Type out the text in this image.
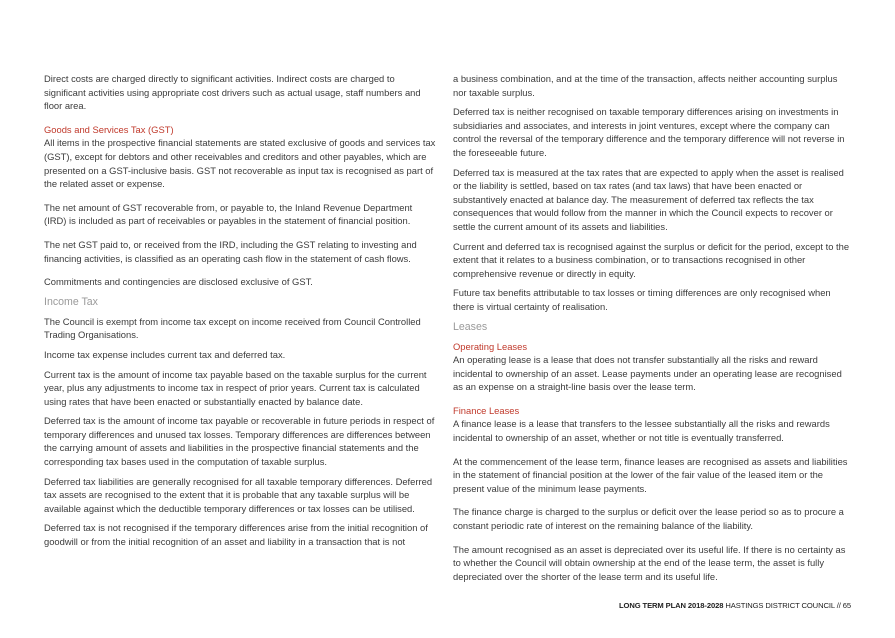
Direct costs are charged directly to significant activities. Indirect costs are charged to significant activities using appropriate cost drivers such as actual usage, staff numbers and floor area.

Goods and Services Tax (GST)

All items in the prospective financial statements are stated exclusive of goods and services tax (GST), except for debtors and other receivables and creditors and other payables, which are presented on a GST-inclusive basis. GST not recoverable as input tax is recognised as part of the related asset or expense.

The net amount of GST recoverable from, or payable to, the Inland Revenue Department (IRD) is included as part of receivables or payables in the statement of financial position.

The net GST paid to, or received from the IRD, including the GST relating to investing and financing activities, is classified as an operating cash flow in the statement of cash flows.

Commitments and contingencies are disclosed exclusive of GST.

Income Tax

The Council is exempt from income tax except on income received from Council Controlled Trading Organisations.

Income tax expense includes current tax and deferred tax.

Current tax is the amount of income tax payable based on the taxable surplus for the current year, plus any adjustments to income tax in respect of prior years. Current tax is calculated using rates that have been enacted or substantially enacted by balance date.

Deferred tax is the amount of income tax payable or recoverable in future periods in respect of temporary differences and unused tax losses. Temporary differences are differences between the carrying amount of assets and liabilities in the prospective financial statements and the corresponding tax bases used in the computation of taxable surplus.

Deferred tax liabilities are generally recognised for all taxable temporary differences. Deferred tax assets are recognised to the extent that it is probable that any taxable surplus will be available against which the deductible temporary differences or tax losses can be utilised.

Deferred tax is not recognised if the temporary differences arise from the initial recognition of goodwill or from the initial recognition of an asset and liability in a transaction that is not

a business combination, and at the time of the transaction, affects neither accounting surplus nor taxable surplus.

Deferred tax is neither recognised on taxable temporary differences arising on investments in subsidiaries and associates, and interests in joint ventures, except where the company can control the reversal of the temporary difference and the temporary difference will not reverse in the foreseeable future.

Deferred tax is measured at the tax rates that are expected to apply when the asset is realised or the liability is settled, based on tax rates (and tax laws) that have been enacted or substantively enacted at balance day. The measurement of deferred tax reflects the tax consequences that would follow from the manner in which the Council expects to recover or settle the current amount of its assets and liabilities.

Current and deferred tax is recognised against the surplus or deficit for the period, except to the extent that it relates to a business combination, or to transactions recognised in other comprehensive revenue or directly in equity.

Future tax benefits attributable to tax losses or timing differences are only recognised when there is virtual certainty of realisation.

Leases
Operating Leases

An operating lease is a lease that does not transfer substantially all the risks and reward incidental to ownership of an asset. Lease payments under an operating lease are recognised as an expense on a straight-line basis over the lease term.

Finance Leases

A finance lease is a lease that transfers to the lessee substantially all the risks and rewards incidental to ownership of an asset, whether or not title is eventually transferred.

At the commencement of the lease term, finance leases are recognised as assets and liabilities in the statement of financial position at the lower of the fair value of the leased item or the present value of the minimum lease payments.

The finance charge is charged to the surplus or deficit over the lease period so as to procure a constant periodic rate of interest on the remaining balance of the liability.

The amount recognised as an asset is depreciated over its useful life. If there is no certainty as to whether the Council will obtain ownership at the end of the lease term, the asset is fully depreciated over the shorter of the lease term and its useful life.

LONG TERM PLAN 2018-2028 HASTINGS DISTRICT COUNCIL // 65
